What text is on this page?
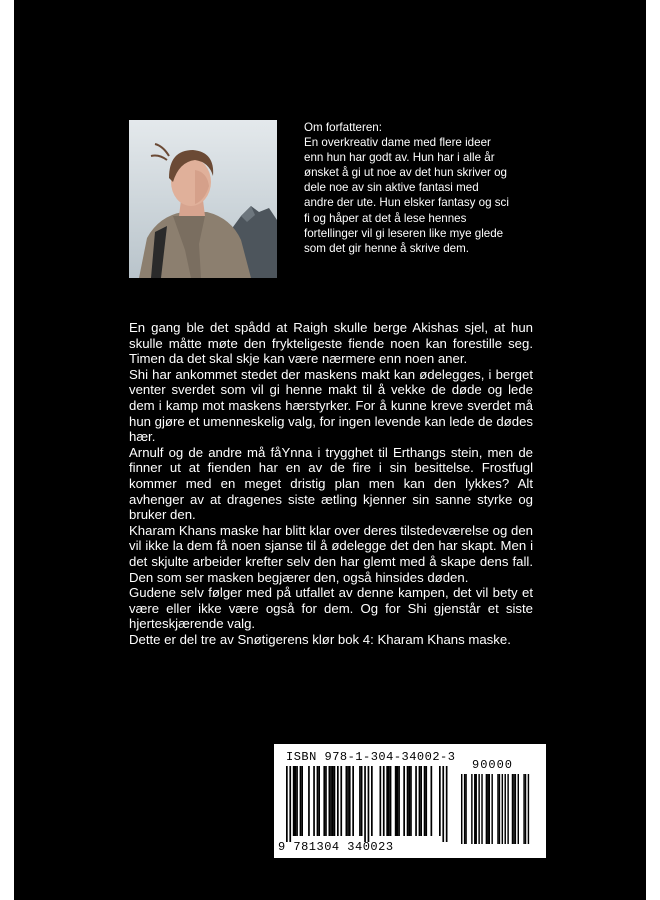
Om forfatteren:

En overkreativ dame med flere ideer

enn hun har godt av. Hun har i alle år

ønsket å gi ut noe av det hun skriver og

dele noe av sin aktive fantasi med

andre der ute. Hun elsker fantasy og sci

fi og håper at det å lese hennes

fortellinger vil gi leseren like mye glede

som det gir henne å skrive dem.

En gang ble det spådd at Raigh skulle berge Akishas sjel, at hun skulle måtte møte den frykteligeste fiende noen kan forestille seg. Timen da det skal skje kan være nærmere enn noen aner.

Shi har ankommet stedet der maskens makt kan ødelegges, i berget venter sverdet som vil gi henne makt til å vekke de døde og lede dem i kamp mot maskens hærstyrker. For å kunne kreve sverdet må hun gjøre et umenneskelig valg, for ingen levende kan lede de dødes hær.

Arnulf og de andre må fåYnna i trygghet til Erthangs stein, men de finner ut at fienden har en av de fire i sin besittelse. Frostfugl kommer med en meget dristig plan men kan den lykkes? Alt avhenger av at dragenes siste ætling kjenner sin sanne styrke og bruker den.

Kharam Khans maske har blitt klar over deres tilstedeværelse og den vil ikke la dem få noen sjanse til å ødelegge det den har skapt. Men i det skjulte arbeider krefter selv den har glemt med å skape dens fall. Den som ser masken begjærer den, også hinsides døden.

Gudene selv følger med på utfallet av denne kampen, det vil bety et være eller ikke være også for dem. Og for Shi gjenstår et siste hjerteskjærende valg.

Dette er del tre av Snøtigerens klør bok 4: Kharam Khans maske.

ISBN 978-1-304-34002-3
90000
9 781304 340023
